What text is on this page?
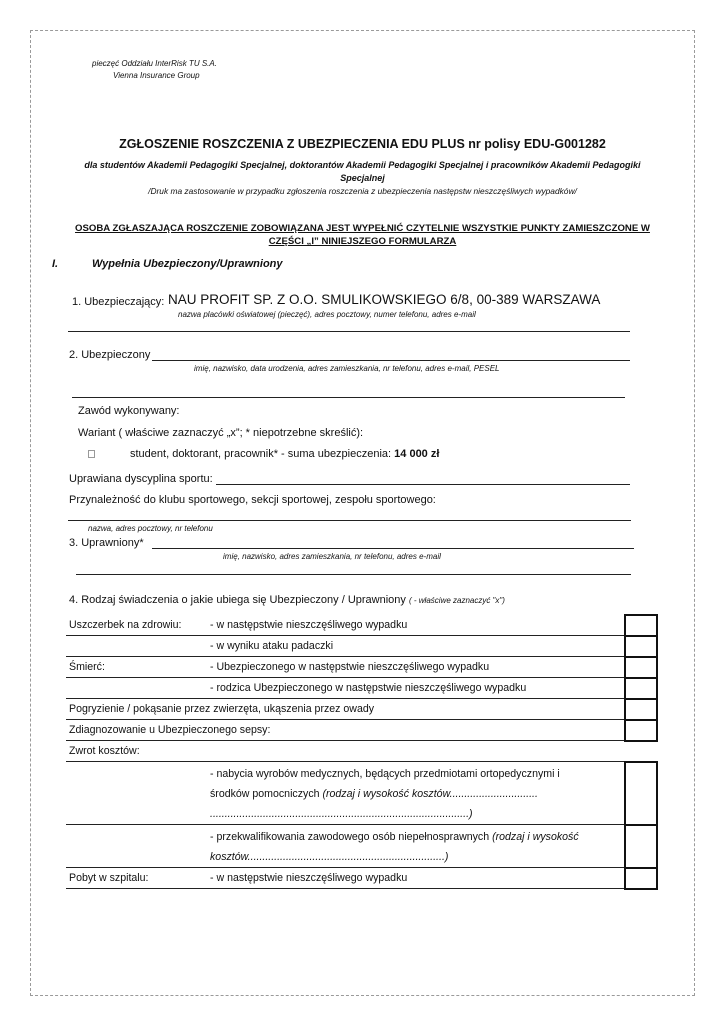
pieczęć Oddziału InterRisk TU S.A.
Vienna Insurance Group
ZGŁOSZENIE ROSZCZENIA Z UBEZPIECZENIA EDU PLUS nr polisy EDU-G001282
dla studentów Akademii Pedagogiki Specjalnej, doktorantów Akademii Pedagogiki Specjalnej i pracowników Akademii Pedagogiki Specjalnej
/Druk ma zastosowanie w przypadku zgłoszenia roszczenia z ubezpieczenia następstw nieszczęśliwych wypadków/
OSOBA ZGŁASZAJĄCA ROSZCZENIE ZOBOWIĄZANA JEST WYPEŁNIĆ CZYTELNIE WSZYSTKIE PUNKTY ZAMIESZCZONE W CZĘŚCI „I” NINIEJSZEGO FORMULARZA
I.	Wypełnia Ubezpieczony/Uprawniony
1. Ubezpieczający: NAU PROFIT SP. Z O.O. SMULIKOWSKIEGO 6/8, 00-389 WARSZAWA
nazwa placówki oświatowej (pieczęć), adres pocztowy, numer telefonu, adres e-mail
2. Ubezpieczony
imię, nazwisko, data urodzenia, adres zamieszkania, nr telefonu, adres e-mail, PESEL
Zawód wykonywany:
Wariant ( właściwe zaznaczyć „x”; * niepotrzebne skreślić):
student, doktorant, pracownik* - suma ubezpieczenia: 14 000 zł
Uprawiana dyscyplina sportu:
Przynależność do klubu sportowego, sekcji sportowej, zespołu sportowego:
nazwa, adres pocztowy, nr telefonu
3. Uprawniony*
imię, nazwisko, adres zamieszkania, nr telefonu, adres e-mail
4. Rodzaj świadczenia o jakie ubiega się Ubezpieczony / Uprawniony ( - właściwe zaznaczyć "x")
Uszczerbek na zdrowiu:	- w następstwie nieszczęśliwego wypadku		
	- w wyniku ataku padaczki		
Śmierć:	- Ubezpieczonego w następstwie nieszczęśliwego wypadku		
	- rodzica Ubezpieczonego w następstwie nieszczęśliwego wypadku		
Pogryzienie / pokąsanie przez zwierzęta, ukąszenia przez owady			
Zdiagnozowanie u Ubezpieczonego sepsy:			
Zwrot kosztów:			

	- nabycia wyrobów medycznych, będących przedmiotami ortopedycznymi i
środków pomocniczych (rodzaj i wysokość kosztów..............................
........................................................................................)		

	- przekwalifikowania zawodowego osób niepełnosprawnych (rodzaj i wysokość
kosztów...................................................................)		

Pobyt w szpitalu:	- w następstwie nieszczęśliwego wypadku		
